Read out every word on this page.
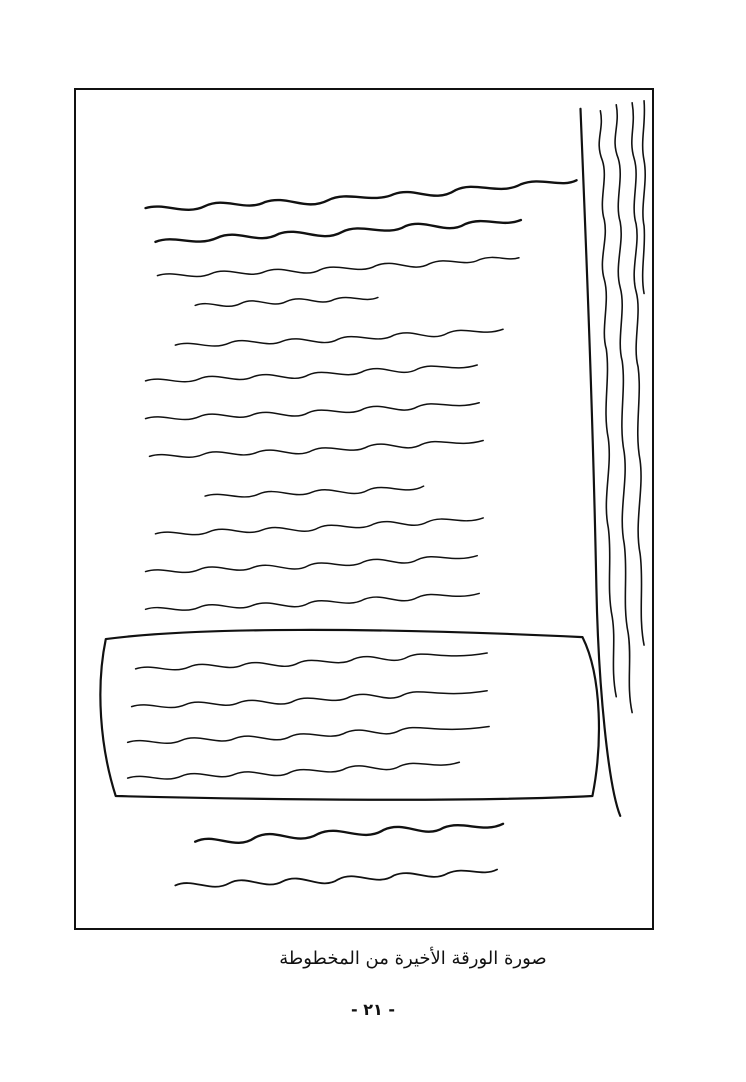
صورة الورقة الأخيرة من المخطوطة
- ٢١ -
